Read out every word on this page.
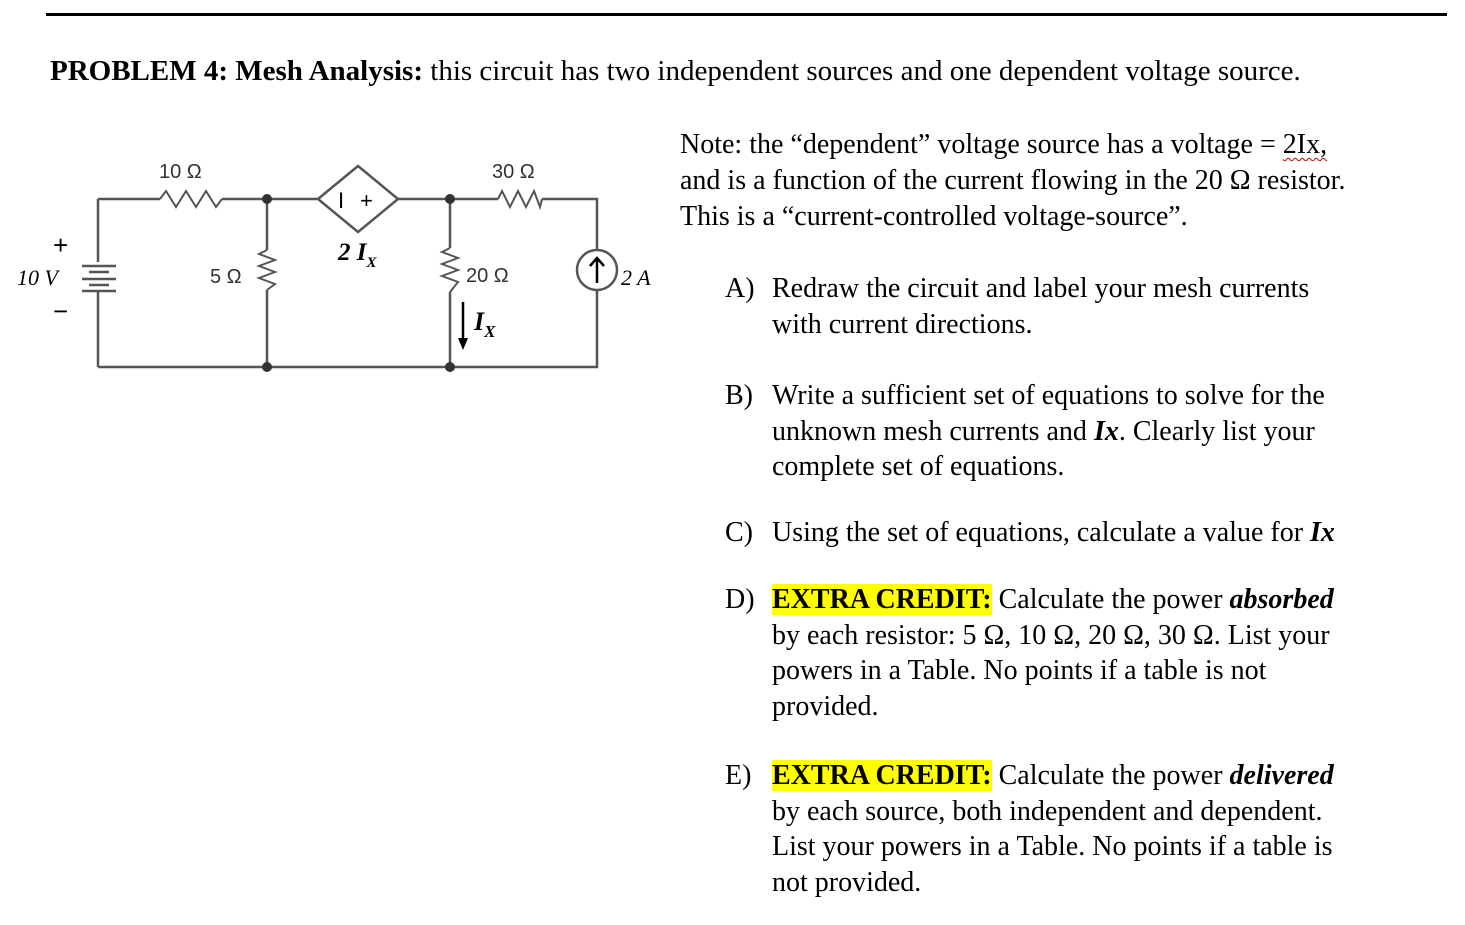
PROBLEM 4: Mesh Analysis: this circuit has two independent sources and one dependent voltage source.
I +
10 Ω	30 Ω
5 Ω	20 Ω
10 V
+
−
2 $I_X$
2 A
$I_X$
Note: the “dependent” voltage source has a voltage = 2Ix,
and is a function of the current flowing in the 20 Ω resistor.
This is a “current-controlled voltage-source”.
A) Redraw the circuit and label your mesh currents
with current directions.
B) Write a sufficient set of equations to solve for the
unknown mesh currents and Ix. Clearly list your
complete set of equations.
C) Using the set of equations, calculate a value for Ix
D) EXTRA CREDIT: Calculate the power absorbed
by each resistor: 5 Ω, 10 Ω, 20 Ω, 30 Ω. List your
powers in a Table. No points if a table is not
provided.
E) EXTRA CREDIT: Calculate the power delivered
by each source, both independent and dependent.
List your powers in a Table. No points if a table is
not provided.
